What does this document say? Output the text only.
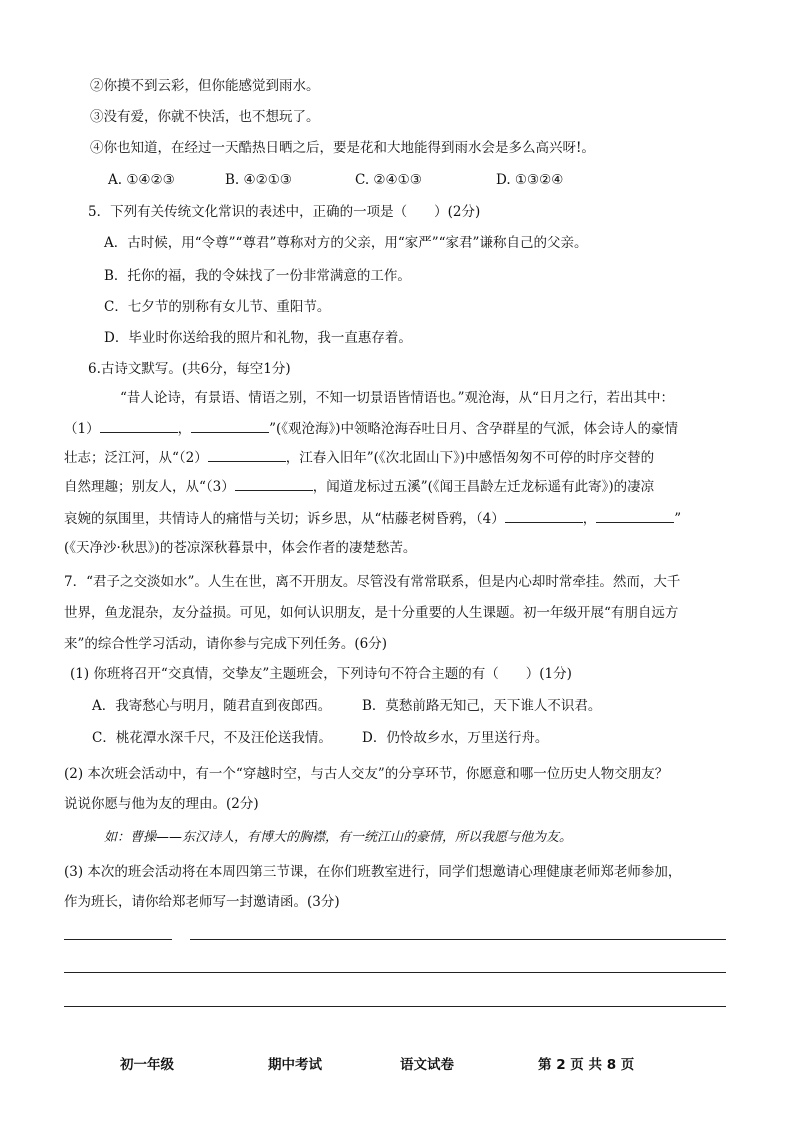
②你摸不到云彩，但你能感觉到雨水。
③没有爱，你就不快活，也不想玩了。
④你也知道，在经过一天酷热日晒之后，要是花和大地能得到雨水会是多么高兴呀!。
A. ①④②③	B. ④②①③	C. ②④①③	D. ①③②④
5．下列有关传统文化常识的表述中，正确的一项是（　　）(2分)
A．古时候，用“令尊”“尊君”尊称对方的父亲，用“家严”“家君”谦称自己的父亲。
B．托你的福，我的令妹找了一份非常满意的工作。
C．七夕节的别称有女儿节、重阳节。
D．毕业时你送给我的照片和礼物，我一直惠存着。
6.古诗文默写。(共6分，每空1分)
“昔人论诗，有景语、情语之别，不知一切景语皆情语也。”观沧海，从“日月之行，若出其中：
（1）	，	”(《观沧海》)中领略沧海吞吐日月、含孕群星的气派，体会诗人的豪情
壮志；泛江河，从“（2）	，江春入旧年”(《次北固山下》)中感悟匆匆不可停的时序交替的
自然理趣；别友人，从“（3）	，闻道龙标过五溪”(《闻王昌龄左迁龙标遥有此寄》)的凄凉
哀婉的氛围里，共情诗人的痛惜与关切；诉乡思，从“枯藤老树昏鸦，（4）	，	”
(《天净沙·秋思》)的苍凉深秋暮景中，体会作者的凄楚愁苦。
7．“君子之交淡如水”。人生在世，离不开朋友。尽管没有常常联系，但是内心却时常牵挂。然而，大千
世界，鱼龙混杂，友分益损。可见，如何认识朋友，是十分重要的人生课题。初一年级开展“有朋自远方
来”的综合性学习活动，请你参与完成下列任务。(6分)
(1) 你班将召开“交真情，交挚友”主题班会，下列诗句不符合主题的有（　　）(1分)
A．我寄愁心与明月，随君直到夜郎西。 B．莫愁前路无知己，天下谁人不识君。
C．桃花潭水深千尺，不及汪伦送我情。 D．仍怜故乡水，万里送行舟。
(2) 本次班会活动中，有一个“穿越时空，与古人交友”的分享环节，你愿意和哪一位历史人物交朋友？
说说你愿与他为友的理由。(2分)
如：曹操——东汉诗人，有博大的胸襟，有一统江山的豪情，所以我愿与他为友。
(3) 本次的班会活动将在本周四第三节课，在你们班教室进行，同学们想邀请心理健康老师郑老师参加，
作为班长，请你给郑老师写一封邀请函。(3分)
初一年级	期中考试	语文试卷	第 2 页 共 8 页
